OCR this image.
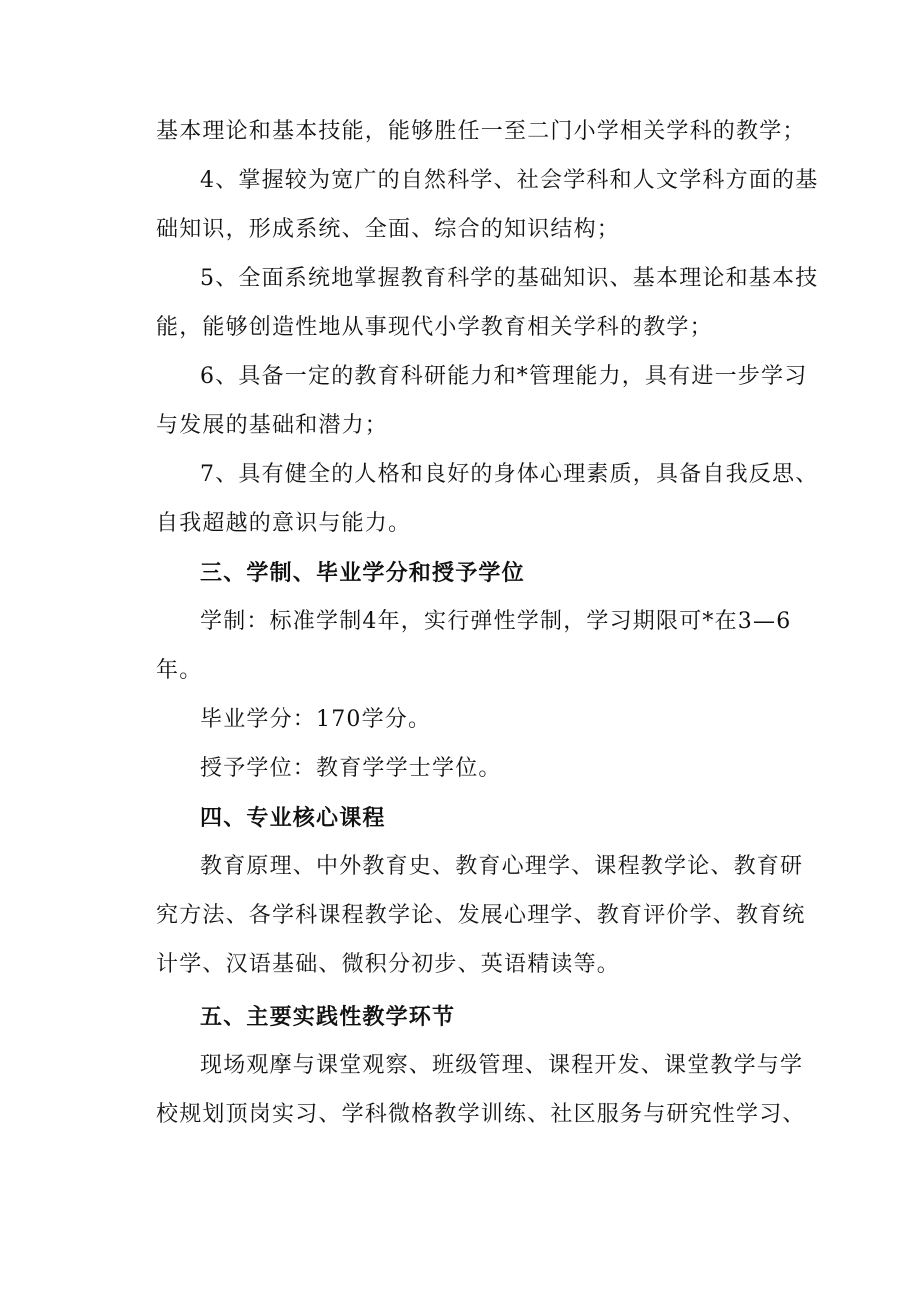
基本理论和基本技能，能够胜任一至二门小学相关学科的教学；
4、掌握较为宽广的自然科学、社会学科和人文学科方面的基
础知识，形成系统、全面、综合的知识结构；
5、全面系统地掌握教育科学的基础知识、基本理论和基本技
能，能够创造性地从事现代小学教育相关学科的教学；
6、具备一定的教育科研能力和*管理能力，具有进一步学习
与发展的基础和潜力；
7、具有健全的人格和良好的身体心理素质，具备自我反思、
自我超越的意识与能力。
三、学制、毕业学分和授予学位
学制：标准学制4年，实行弹性学制，学习期限可*在3—6
年。
毕业学分：170学分。
授予学位：教育学学士学位。
四、专业核心课程
教育原理、中外教育史、教育心理学、课程教学论、教育研
究方法、各学科课程教学论、发展心理学、教育评价学、教育统
计学、汉语基础、微积分初步、英语精读等。
五、主要实践性教学环节
现场观摩与课堂观察、班级管理、课程开发、课堂教学与学
校规划顶岗实习、学科微格教学训练、社区服务与研究性学习、
